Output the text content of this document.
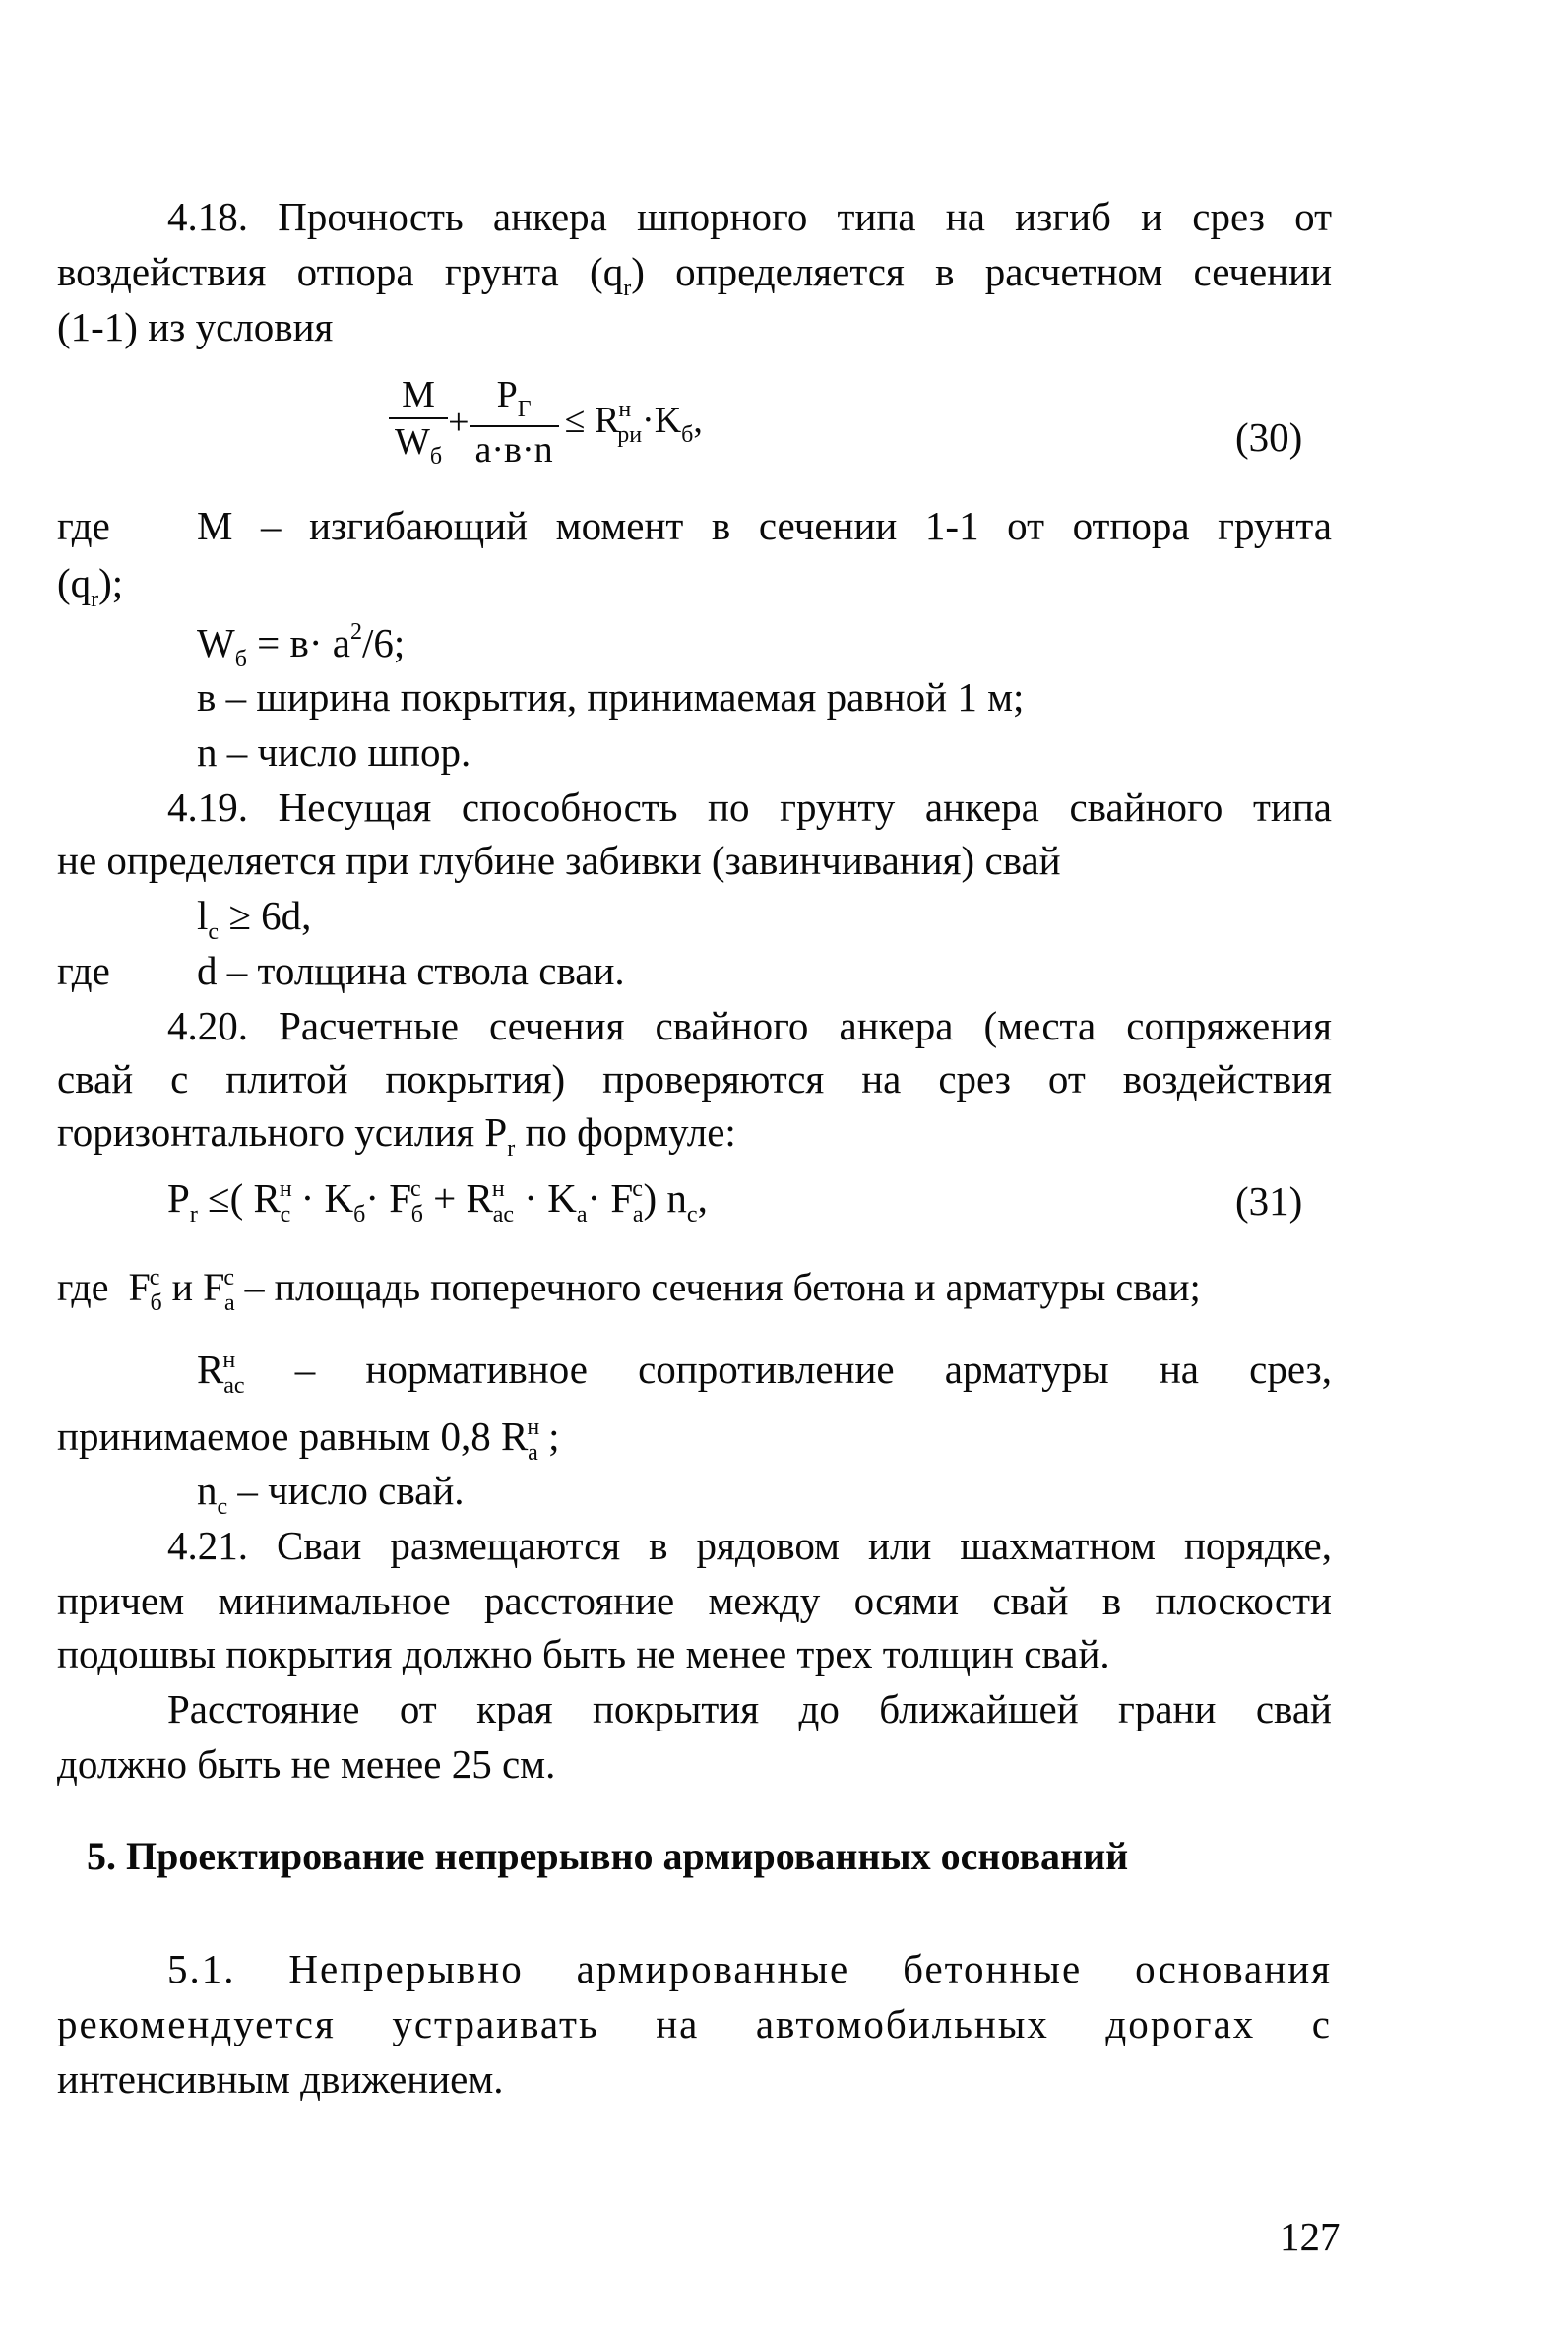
4.18. Прочность анкера шпорного типа на изгиб и срез от
воздействия отпора грунта $(q_r)$ определяется в расчетном сечении
(1-1) из условия
$\frac{M}{W_б} + \frac{P_Г}{a\cdot в\cdot n} \le R^н_{ри}\cdot K_б$,	(30)
где	M – изгибающий момент в сечении 1-1 от отпора грунта
$(q_r)$;
$W_б = в\cdot a^2/6$;
в – ширина покрытия, принимаемая равной 1 м;
n – число шпор.
4.19. Несущая способность по грунту анкера свайного типа
не определяется при глубине забивки (завинчивания) свай
$l_c \ge 6d$,
где	d – толщина ствола сваи.
4.20. Расчетные сечения свайного анкера (места сопряжения
свай с плитой покрытия) проверяются на срез от воздействия
горизонтального усилия $P_r$ по формуле:
$P_r$ ≤( $R^н_c \cdot K_б\cdot F^c_б + R^н_{ac} \cdot K_a\cdot F^c_a$) $n_c$,	(31)
где $F^c_б$ и $F^c_a$ – площадь поперечного сечения бетона и арматуры сваи;
$R^н_{ac}$ – нормативное сопротивление арматуры на срез,
принимаемое равным 0,8 $R^н_a$ ;
$n_c$ – число свай.
4.21. Сваи размещаются в рядовом или шахматном порядке,
причем минимальное расстояние между осями свай в плоскости
подошвы покрытия должно быть не менее трех толщин свай.
Расстояние от края покрытия до ближайшей грани свай
должно быть не менее 25 см.
5. Проектирование непрерывно армированных оснований
5.1. Непрерывно армированные бетонные основания
рекомендуется устраивать на автомобильных дорогах с
интенсивным движением.
127
